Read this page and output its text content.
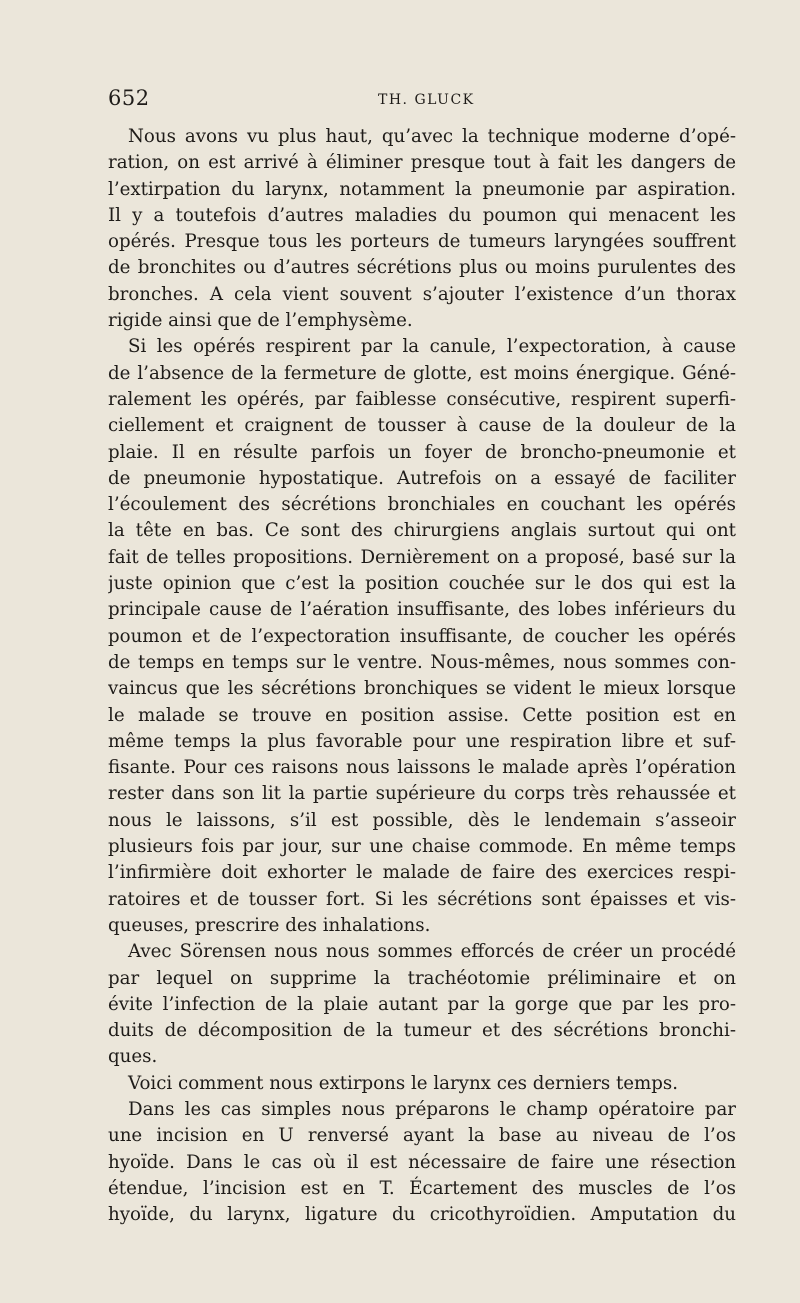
652	TH. GLUCK
Nous avons vu plus haut, qu’avec la technique moderne d’opé-
ration, on est arrivé à éliminer presque tout à fait les dangers de
l’extirpation du larynx, notamment la pneumonie par aspiration.
Il y a toutefois d’autres maladies du poumon qui menacent les
opérés. Presque tous les porteurs de tumeurs laryngées souffrent
de bronchites ou d’autres sécrétions plus ou moins purulentes des
bronches. A cela vient souvent s’ajouter l’existence d’un thorax
rigide ainsi que de l’emphysème.
Si les opérés respirent par la canule, l’expectoration, à cause
de l’absence de la fermeture de glotte, est moins énergique. Géné-
ralement les opérés, par faiblesse consécutive, respirent superfi-
ciellement et craignent de tousser à cause de la douleur de la
plaie. Il en résulte parfois un foyer de broncho-pneumonie et
de pneumonie hypostatique. Autrefois on a essayé de faciliter
l’écoulement des sécrétions bronchiales en couchant les opérés
la tête en bas. Ce sont des chirurgiens anglais surtout qui ont
fait de telles propositions. Dernièrement on a proposé, basé sur la
juste opinion que c’est la position couchée sur le dos qui est la
principale cause de l’aération insuffisante, des lobes inférieurs du
poumon et de l’expectoration insuffisante, de coucher les opérés
de temps en temps sur le ventre. Nous-mêmes, nous sommes con-
vaincus que les sécrétions bronchiques se vident le mieux lorsque
le malade se trouve en position assise. Cette position est en
même temps la plus favorable pour une respiration libre et suf-
fisante. Pour ces raisons nous laissons le malade après l’opération
rester dans son lit la partie supérieure du corps très rehaussée et
nous le laissons, s’il est possible, dès le lendemain s’asseoir
plusieurs fois par jour, sur une chaise commode. En même temps
l’infirmière doit exhorter le malade de faire des exercices respi-
ratoires et de tousser fort. Si les sécrétions sont épaisses et vis-
queuses, prescrire des inhalations.
Avec Sörensen nous nous sommes efforcés de créer un procédé
par lequel on supprime la trachéotomie préliminaire et on
évite l’infection de la plaie autant par la gorge que par les pro-
duits de décomposition de la tumeur et des sécrétions bronchi-
ques.
Voici comment nous extirpons le larynx ces derniers temps.
Dans les cas simples nous préparons le champ opératoire par
une incision en U renversé ayant la base au niveau de l’os
hyoïde. Dans le cas où il est nécessaire de faire une résection
étendue, l’incision est en T. Écartement des muscles de l’os
hyoïde, du larynx, ligature du cricothyroïdien. Amputation du
